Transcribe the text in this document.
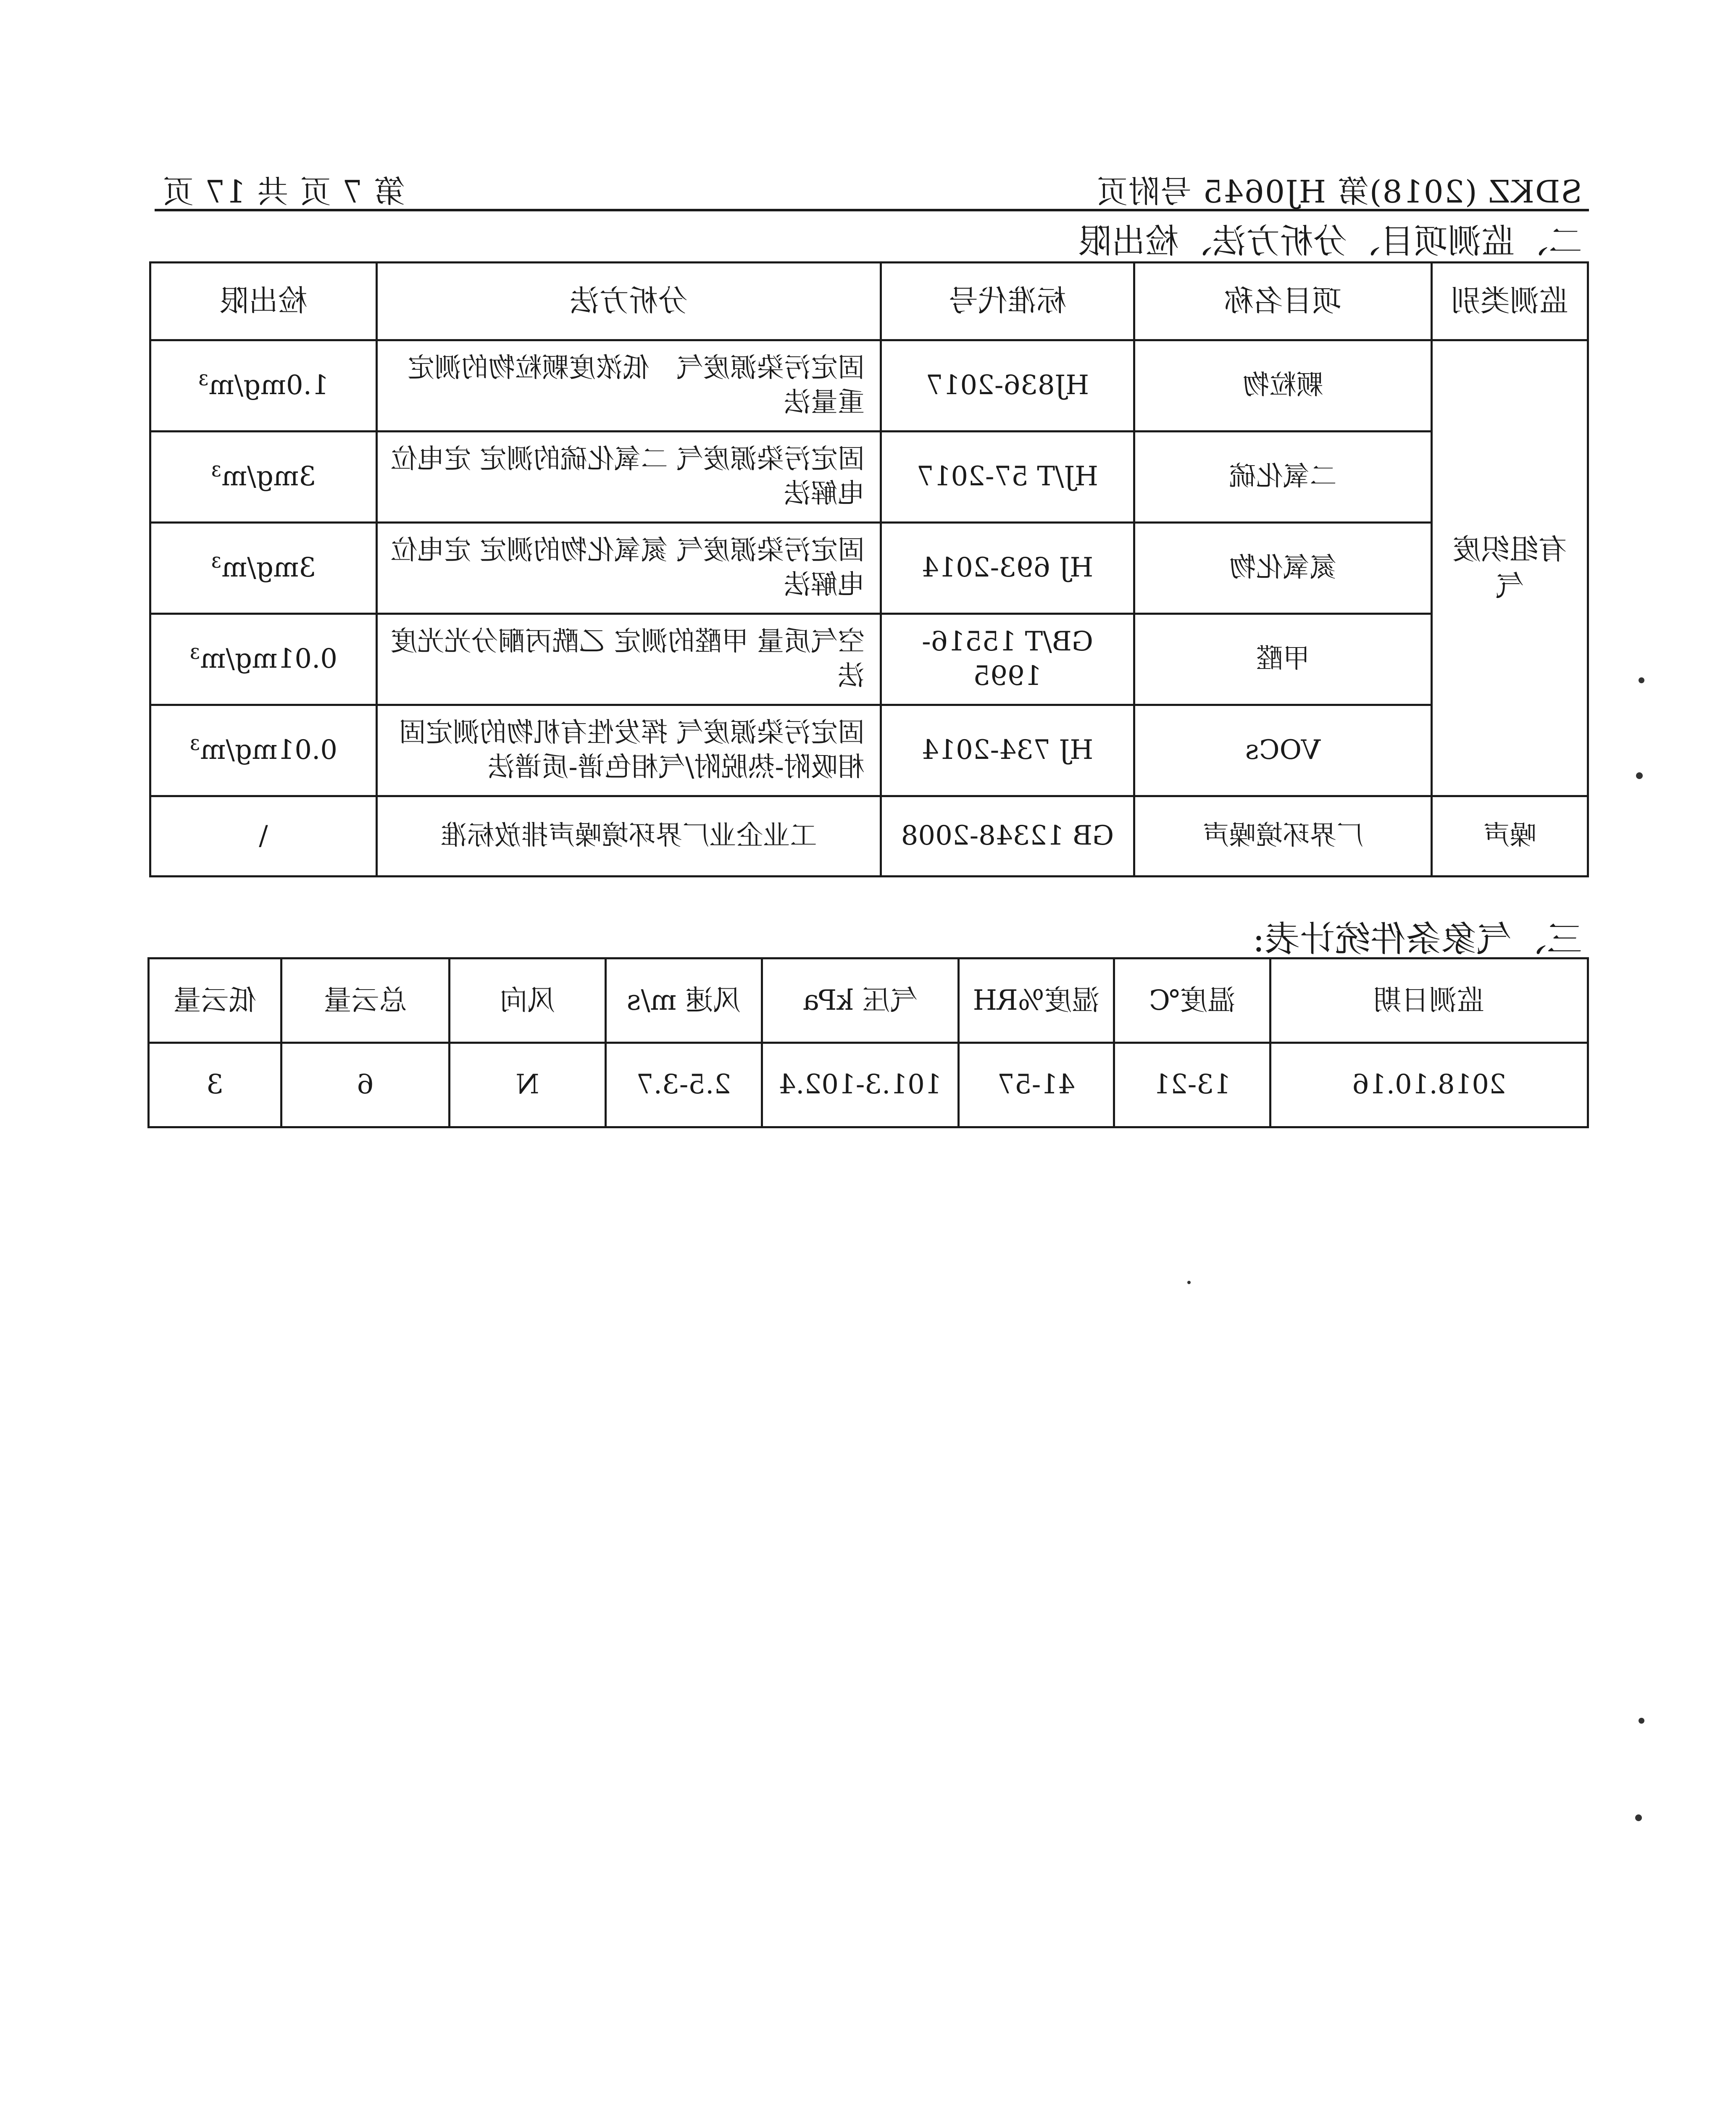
SDKZ (2018)第 HJ0645 号附页
第 7 页 共 17 页
二、监测项目、分析方法、检出限
监测类别	项目名称	标准代号	分析方法	检出限
有组织废气	颗粒物	HJ836-2017	固定污染源废气　低浓度颗粒物的测定　重量法	1.0mg/m³
	二氧化硫	HJ/T 57-2017	固定污染源废气 二氧化硫的测定 定电位电解法	3mg/m³
	氮氧化物	HJ 693-2014	固定污染源废气 氮氧化物的测定 定电位电解法	3mg/m³
	甲醛	GB/T 15516-1995	空气质量 甲醛的测定 乙酰丙酮分光光度法	0.01mg/m³
	VOCs	HJ 734-2014	固定污染源废气 挥发性有机物的测定固相吸附-热脱附/气相色谱-质谱法	0.01mg/m³
噪声	厂界环境噪声	GB 12348-2008	工业企业厂界环境噪声排放标准	\
三、气象条件统计表:
监测日期	温度℃	湿度%RH	气压 kPa	风速 m/s	风向	总云量	低云量
2018.10.16	13-21	41-57	101.3-102.4	2.5-3.7	N	6	3
